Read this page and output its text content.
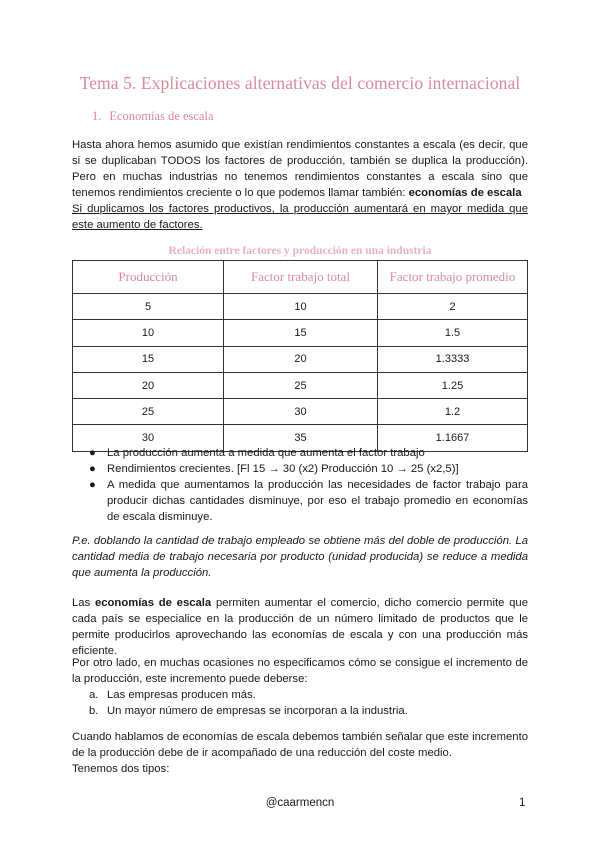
Tema 5. Explicaciones alternativas del comercio internacional
1. Economías de escala

Hasta ahora hemos asumido que existían rendimientos constantes a escala (es decir, que si se duplicaban TODOS los factores de producción, también se duplica la producción). Pero en muchas industrias no tenemos rendimientos constantes a escala sino que tenemos rendimientos creciente o lo que podemos llamar también: economías de escala
Si duplicamos los factores productivos, la producción aumentará en mayor medida que este aumento de factores.

Relación entre factores y producción en una industria
Producción	Factor trabajo total	Factor trabajo promedio
5	10	2
10	15	1.5
15	20	1.3333
20	25	1.25
25	30	1.2
30	35	1.1667
● La producción aumenta a medida que aumenta el factor trabajo
● Rendimientos crecientes. [Fl 15 → 30 (x2) Producción 10 → 25 (x2,5)]
● A medida que aumentamos la producción las necesidades de factor trabajo para producir dichas cantidades disminuye, por eso el trabajo promedio en economías de escala disminuye.

P.e. doblando la cantidad de trabajo empleado se obtiene más del doble de producción. La cantidad media de trabajo necesaria por producto (unidad producida) se reduce a medida que aumenta la producción.

Las economías de escala permiten aumentar el comercio, dicho comercio permite que cada país se especialice en la producción de un número limitado de productos que le permite producirlos aprovechando las economías de escala y con una producción más eficiente.

Por otro lado, en muchas ocasiones no especificamos cómo se consigue el incremento de la producción, este incremento puede deberse:

a. Las empresas producen más.
b. Un mayor número de empresas se incorporan a la industria.

Cuando hablamos de economías de escala debemos también señalar que este incremento de la producción debe de ir acompañado de una reducción del coste medio.

Tenemos dos tipos:

@caarmencn	1
